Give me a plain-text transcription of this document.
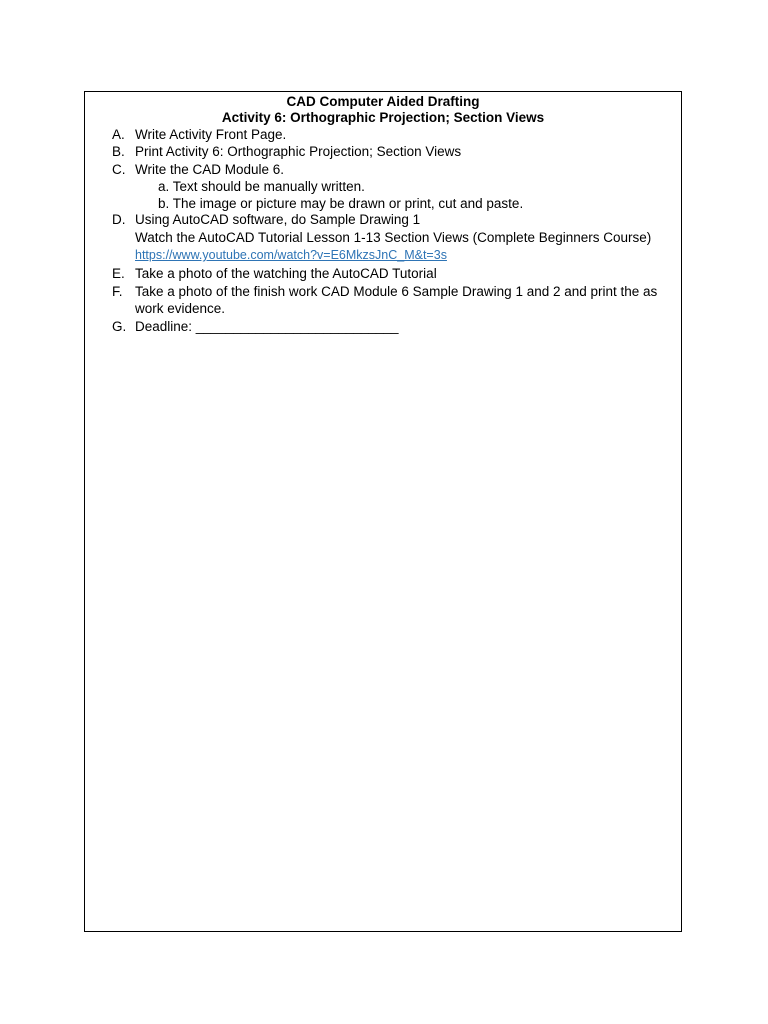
CAD Computer Aided Drafting
Activity 6: Orthographic Projection; Section Views
A. Write Activity Front Page.
B. Print Activity 6: Orthographic Projection; Section Views
C. Write the CAD Module 6.
a. Text should be manually written.
b. The image or picture may be drawn or print, cut and paste.
D. Using AutoCAD software, do Sample Drawing 1
Watch the AutoCAD Tutorial Lesson 1-13 Section Views (Complete Beginners Course)
https://www.youtube.com/watch?v=E6MkzsJnC_M&t=3s
E. Take a photo of the watching the AutoCAD Tutorial
F. Take a photo of the finish work CAD Module 6 Sample Drawing 1 and 2 and print the as
work evidence.
G. Deadline: ___________________________
